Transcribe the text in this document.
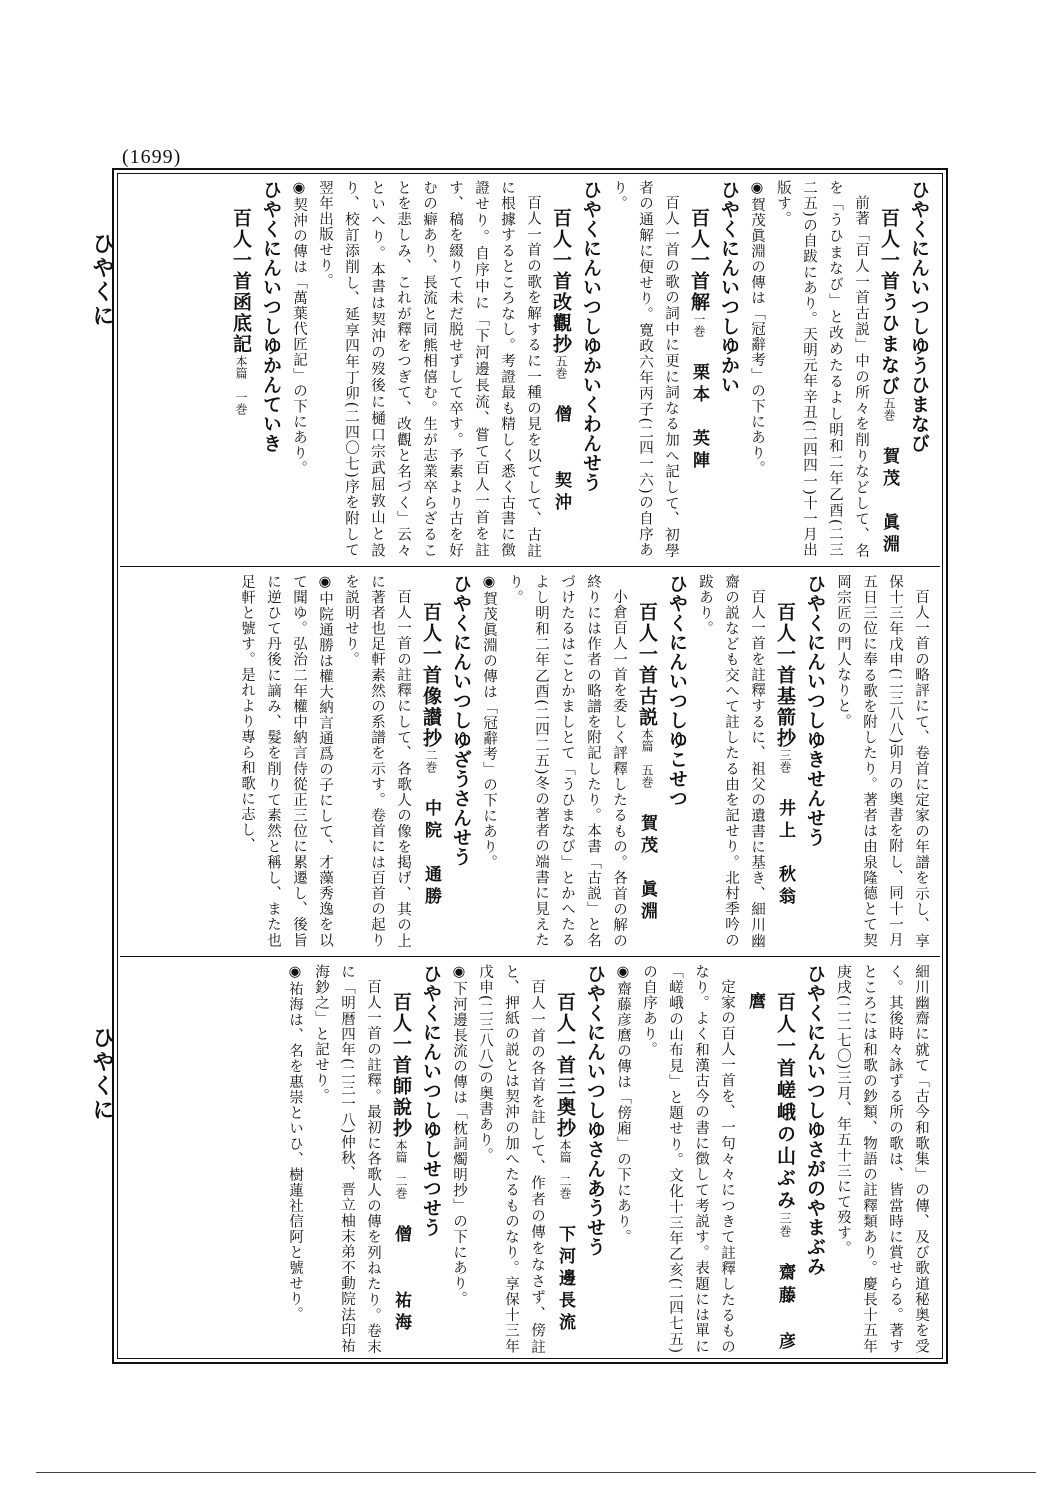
(1699)
ひやくに
ひやくに
ひやくにんいつしゆうひまなび
百人一首うひまなび五巻賀茂　眞淵
前著「百人一首古説」中の所々を削りなどして、名を「うひまなび」と改めたるよし明和二年乙酉(二三二五)の自跋にあり。天明元年辛丑(二四四一)十一月出版す。
◉賀茂眞淵の傳は「冠辭考」の下にあり。
ひやくにんいつしゆかい
百人一首解一巻栗本　英陣
百人一首の歌の詞中に更に詞なる加へ記して、初學者の通解に便せり。寛政六年丙子(二四一六)の自序あり。
ひやくにんいつしゆかいくわんせう
百人一首改觀抄五巻僧　　契沖
百人一首の歌を解するに一種の見を以てして、古註に根據するところなし。考證最も精しく悉く古書に徴證せり。自序中に「下河邊長流、嘗て百人一首を註す、稿を綴りて未だ脱せずして卒す。予素より古を好むの癖あり、長流と同熊相僖む。生が志業卒らざることを悲しみ、これが釋をつぎて、改觀と名づく」云々といへり。本書は契沖の歿後に樋口宗武屈敦山と設り、校訂添削し、延享四年丁卯(二四〇七)序を附して翌年出版せり。
◉契沖の傳は「萬葉代匠記」の下にあり。
ひやくにんいつしゆかんていき
百人一首函底記本篇　一巻
百人一首の略評にて、卷首に定家の年譜を示し、享保十三年戊申(二三八八)卯月の奥書を附し、同十一月五日三位に奉る歌を附したり。著者は由泉隆德とて契岡宗匠の門人なりと。
ひやくにんいつしゆきせんせう
百人一首基箭抄三巻井上　秋翁
百人一首を註釋するに、祖父の遺書に基き、細川幽齋の説なども交へて註したる由を記せり。北村季吟の跋あり。
ひやくにんいつしゆこせつ
百人一首古説本篇　五巻賀茂　眞淵
小倉百人一首を委しく評釋したるもの。各首の解の終りには作者の略譜を附記したり。本書「古説」と名づけたるはことかましとて「うひまなび」とかへたるよし明和二年乙酉(二四二五)冬の著者の端書に見えたり。
◉賀茂眞淵の傳は「冠辭考」の下にあり。
ひやくにんいつしゆざうさんせう
百人一首像讃抄二巻中院　通勝
百人一首の註釋にして、各歌人の像を掲げ、其の上に著者也足軒素然の系譜を示す。卷首には百首の起りを説明せり。
◉中院通勝は權大納言通爲の子にして、才藻秀逸を以て聞ゆ。弘治二年權中納言侍從正三位に累遷し、後旨に逆ひて丹後に謫み、髮を削りて素然と稱し、また也足軒と號す。是れより專ら和歌に志し、
細川幽齋に就て「古今和歌集」の傳、及び歌道秘奥を受く。其後時々詠ずる所の歌は、皆當時に賞せらる。著すところには和歌の鈔類、物語の註釋類あり。慶長十五年庚戌(二二七〇)三月、年五十三にて歿す。
ひやくにんいつしゆさがのやまぶみ
百人一首嵯峨の山ぶみ三巻齋藤　彦麿
定家の百人一首を、一句々々につきて註釋したるものなり。よく和漢古今の書に徴して考説す。表題には單に「嵯峨の山布見」と題せり。文化十三年乙亥(二四七五)の自序あり。
◉齋藤彦麿の傳は「傍廂」の下にあり。
ひやくにんいつしゆさんあうせう
百人一首三奥抄本篇　二巻下河邊長流
百人一首の各首を註して、作者の傳をなさず、傍註と、押紙の説とは契沖の加へたるものなり。享保十三年戊申(二三八八)の奥書あり。
◉下河邊長流の傳は「枕詞燭明抄」の下にあり。
ひやくにんいつしゆしせつせう
百人一首師說抄本篇　二巻僧　　祐海
百人一首の註釋。最初に各歌人の傳を列ねたり。卷末に「明暦四年(二三一八)仲秋、晋立柚末弟不動院法印祐海鈔之」と記せり。
◉祐海は、名を惠崇といひ、樹蓮社信阿と號せり。
